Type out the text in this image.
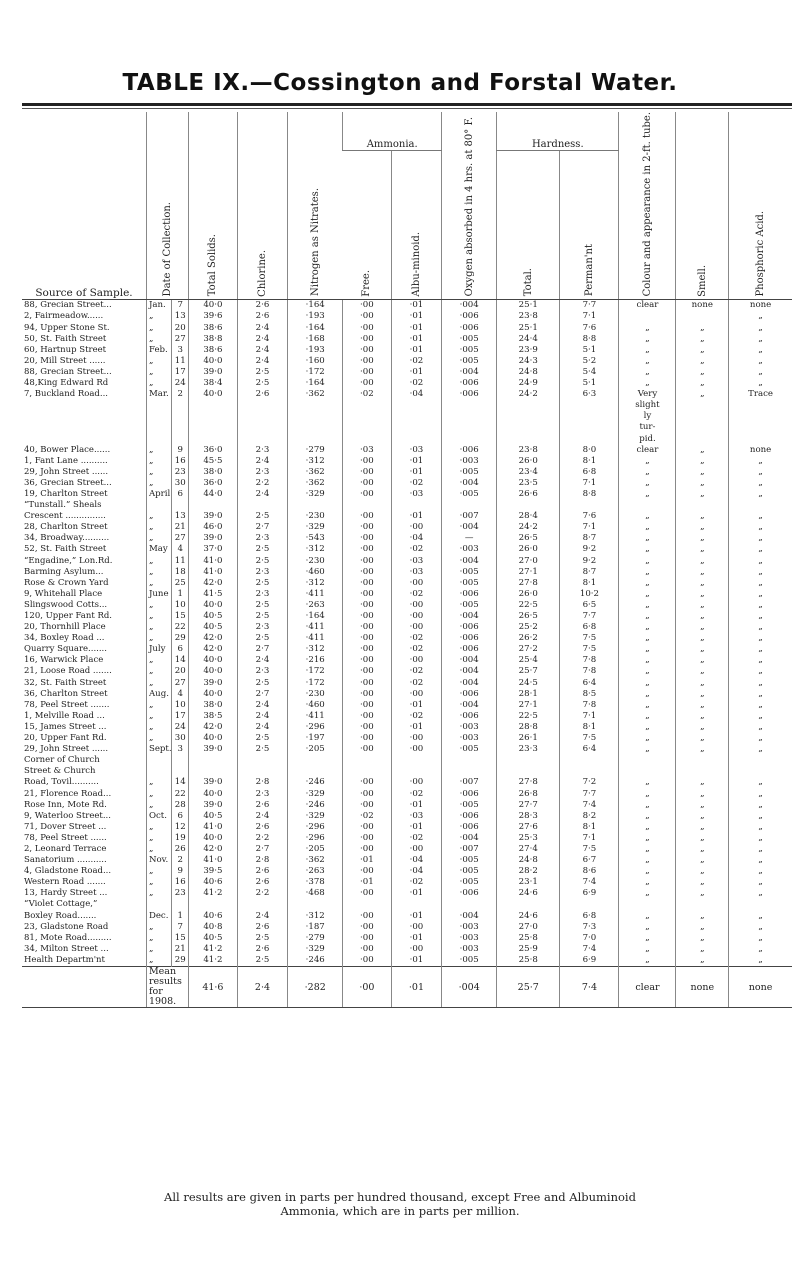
TABLE IX.—Cossington and Forstal Water.
Source of Sample.	Date of Collection.		Total Solids.	Chlorine.	Nitrogen as Nitrates.	Ammonia.		Oxygen absorbed in 4 hrs. at 80° F.	Hardness.		Colour and appearance in 2-ft. tube.	Smell.	Phosphoric Acid.
						Free.	Albu-minoid.		Total.	Perman'nt			
88, Grecian Street...	Jan.	7	40·0	2·6	·164	·00	·01	·004	25·1	7·7	clear	none	none
2, Fairmeadow......	„	13	39·6	2·6	·193	·00	·01	·006	23·8	7·1			„
94, Upper Stone St.	„	20	38·6	2·4	·164	·00	·01	·006	25·1	7·6	„	„	„
50, St. Faith Street	„	27	38·8	2·4	·168	·00	·01	·005	24·4	8·8	„	„	„
60, Hartnup Street	Feb.	3	38·6	2·4	·193	·00	·01	·005	23·9	5·1	„	„	„
20, Mill Street ......	„	11	40·0	2·4	·160	·00	·02	·005	24·3	5·2	„	„	„
88, Grecian Street...	„	17	39·0	2·5	·172	·00	·01	·004	24·8	5·4	„	„	„
48,King Edward Rd	„	24	38·4	2·5	·164	·00	·02	·006	24·9	5·1	„	„	„
7, Buckland Road...	Mar.	2	40·0	2·6	·362	·02	·04	·006	24·2	6·3	Very	„	Trace
											slight		
											ly		
											tur-		
											pid.		
40, Bower Place......	„	9	36·0	2·3	·279	·03	·03	·006	23·8	8·0	clear	„	none
1, Fant Lane ..........	„	16	45·5	2·4	·312	·00	·01	·003	26·0	8·1	„	„	„
29, John Street ......	„	23	38·0	2·3	·362	·00	·01	·005	23·4	6·8	„	„	„
36, Grecian Street...	„	30	36·0	2·2	·362	·00	·02	·004	23·5	7·1	„	„	„
19, Charlton Street	April	6	44·0	2·4	·329	·00	·03	·005	26·6	8·8	„	„	„
“Tunstall.” Sheals													
Crescent ...............	„	13	39·0	2·5	·230	·00	·01	·007	28·4	7·6	„	„	„
28, Charlton Street	„	21	46·0	2·7	·329	·00	·00	·004	24·2	7·1	„	„	„
34, Broadway..........	„	27	39·0	2·3	·543	·00	·04	—	26·5	8·7	„	„	„
52, St. Faith Street	May	4	37·0	2·5	·312	·00	·02	·003	26·0	9·2	„	„	„
“Engadine,” Lon.Rd.	„	11	41·0	2·5	·230	·00	·03	·004	27·0	9·2	„	„	„
Barming Asylum...	„	18	41·0	2·3	·460	·00	·03	·005	27·1	8·7	„	„	„
Rose & Crown Yard	„	25	42·0	2·5	·312	·00	·00	·005	27·8	8·1	„	„	„
9, Whitehall Place	June	1	41·5	2·3	·411	·00	·02	·006	26·0	10·2	„	„	„
Slingswood Cotts...	„	10	40·0	2·5	·263	·00	·00	·005	22·5	6·5	„	„	„
120, Upper Fant Rd.	„	15	40·5	2·5	·164	·00	·00	·004	26·5	7·7	„	„	„
20, Thornhill Place	„	22	40·5	2·3	·411	·00	·00	·006	25·2	6·8	„	„	„
34, Boxley Road ...	„	29	42·0	2·5	·411	·00	·02	·006	26·2	7·5	„	„	„
Quarry Square.......	July	6	42·0	2·7	·312	·00	·02	·006	27·2	7·5	„	„	„
16, Warwick Place	„	14	40·0	2·4	·216	·00	·00	·004	25·4	7·8	„	„	„
21, Loose Road .......	„	20	40·0	2·3	·172	·00	·02	·004	25·7	7·8	„	„	„
32, St. Faith Street	„	27	39·0	2·5	·172	·00	·02	·004	24·5	6·4	„	„	„
36, Charlton Street	Aug.	4	40·0	2·7	·230	·00	·00	·006	28·1	8·5	„	„	„
78, Peel Street .......	„	10	38·0	2·4	·460	·00	·01	·004	27·1	7·8	„	„	„
1, Melville Road ...	„	17	38·5	2·4	·411	·00	·02	·006	22·5	7·1	„	„	„
15, James Street ...	„	24	42·0	2·4	·296	·00	·01	·003	28·8	8·1	„	„	„
20, Upper Fant Rd.	„	30	40·0	2·5	·197	·00	·00	·003	26·1	7·5	„	„	„
29, John Street ......	Sept.	3	39·0	2·5	·205	·00	·00	·005	23·3	6·4	„	„	„
Corner of Church													
Street & Church													
Road, Tovil..........	„	14	39·0	2·8	·246	·00	·00	·007	27·8	7·2	„	„	„
21, Florence Road...	„	22	40·0	2·3	·329	·00	·02	·006	26·8	7·7	„	„	„
Rose Inn, Mote Rd.	„	28	39·0	2·6	·246	·00	·01	·005	27·7	7·4	„	„	„
9, Waterloo Street...	Oct.	6	40·5	2·4	·329	·02	·03	·006	28·3	8·2	„	„	„
71, Dover Street ...	„	12	41·0	2·6	·296	·00	·01	·006	27·6	8·1	„	„	„
78, Peel Street ......	„	19	40·0	2·2	·296	·00	·02	·004	25·3	7·1	„	„	„
2, Leonard Terrace	„	26	42·0	2·7	·205	·00	·00	·007	27·4	7·5	„	„	„
Sanatorium ...........	Nov.	2	41·0	2·8	·362	·01	·04	·005	24·8	6·7	„	„	„
4, Gladstone Road...	„	9	39·5	2·6	·263	·00	·04	·005	28·2	8·6	„	„	„
Western Road .......	„	16	40·6	2·6	·378	·01	·02	·005	23·1	7·4	„	„	„
13, Hardy Street ...	„	23	41·2	2·2	·468	·00	·01	·006	24·6	6·9	„	„	„
“Violet Cottage,”													
Boxley Road.......	Dec.	1	40·6	2·4	·312	·00	·01	·004	24·6	6·8	„	„	„
23, Gladstone Road	„	7	40·8	2·6	·187	·00	·00	·003	27·0	7·3	„	„	„
81, Mote Road.........	„	15	40·5	2·5	·279	·00	·01	·003	25·8	7·0	„	„	„
34, Milton Street ...	„	21	41·2	2·6	·329	·00	·00	·003	25·9	7·4	„	„	„
Health Departm'nt	„	29	41·2	2·5	·246	·00	·01	·005	25·8	6·9	„	„	„
	Mean results for 1908.		41·6	2·4	·282	·00	·01	·004	25·7	7·4	clear	none	none
All results are given in parts per hundred thousand, except Free and Albuminoid
Ammonia, which are in parts per million.
